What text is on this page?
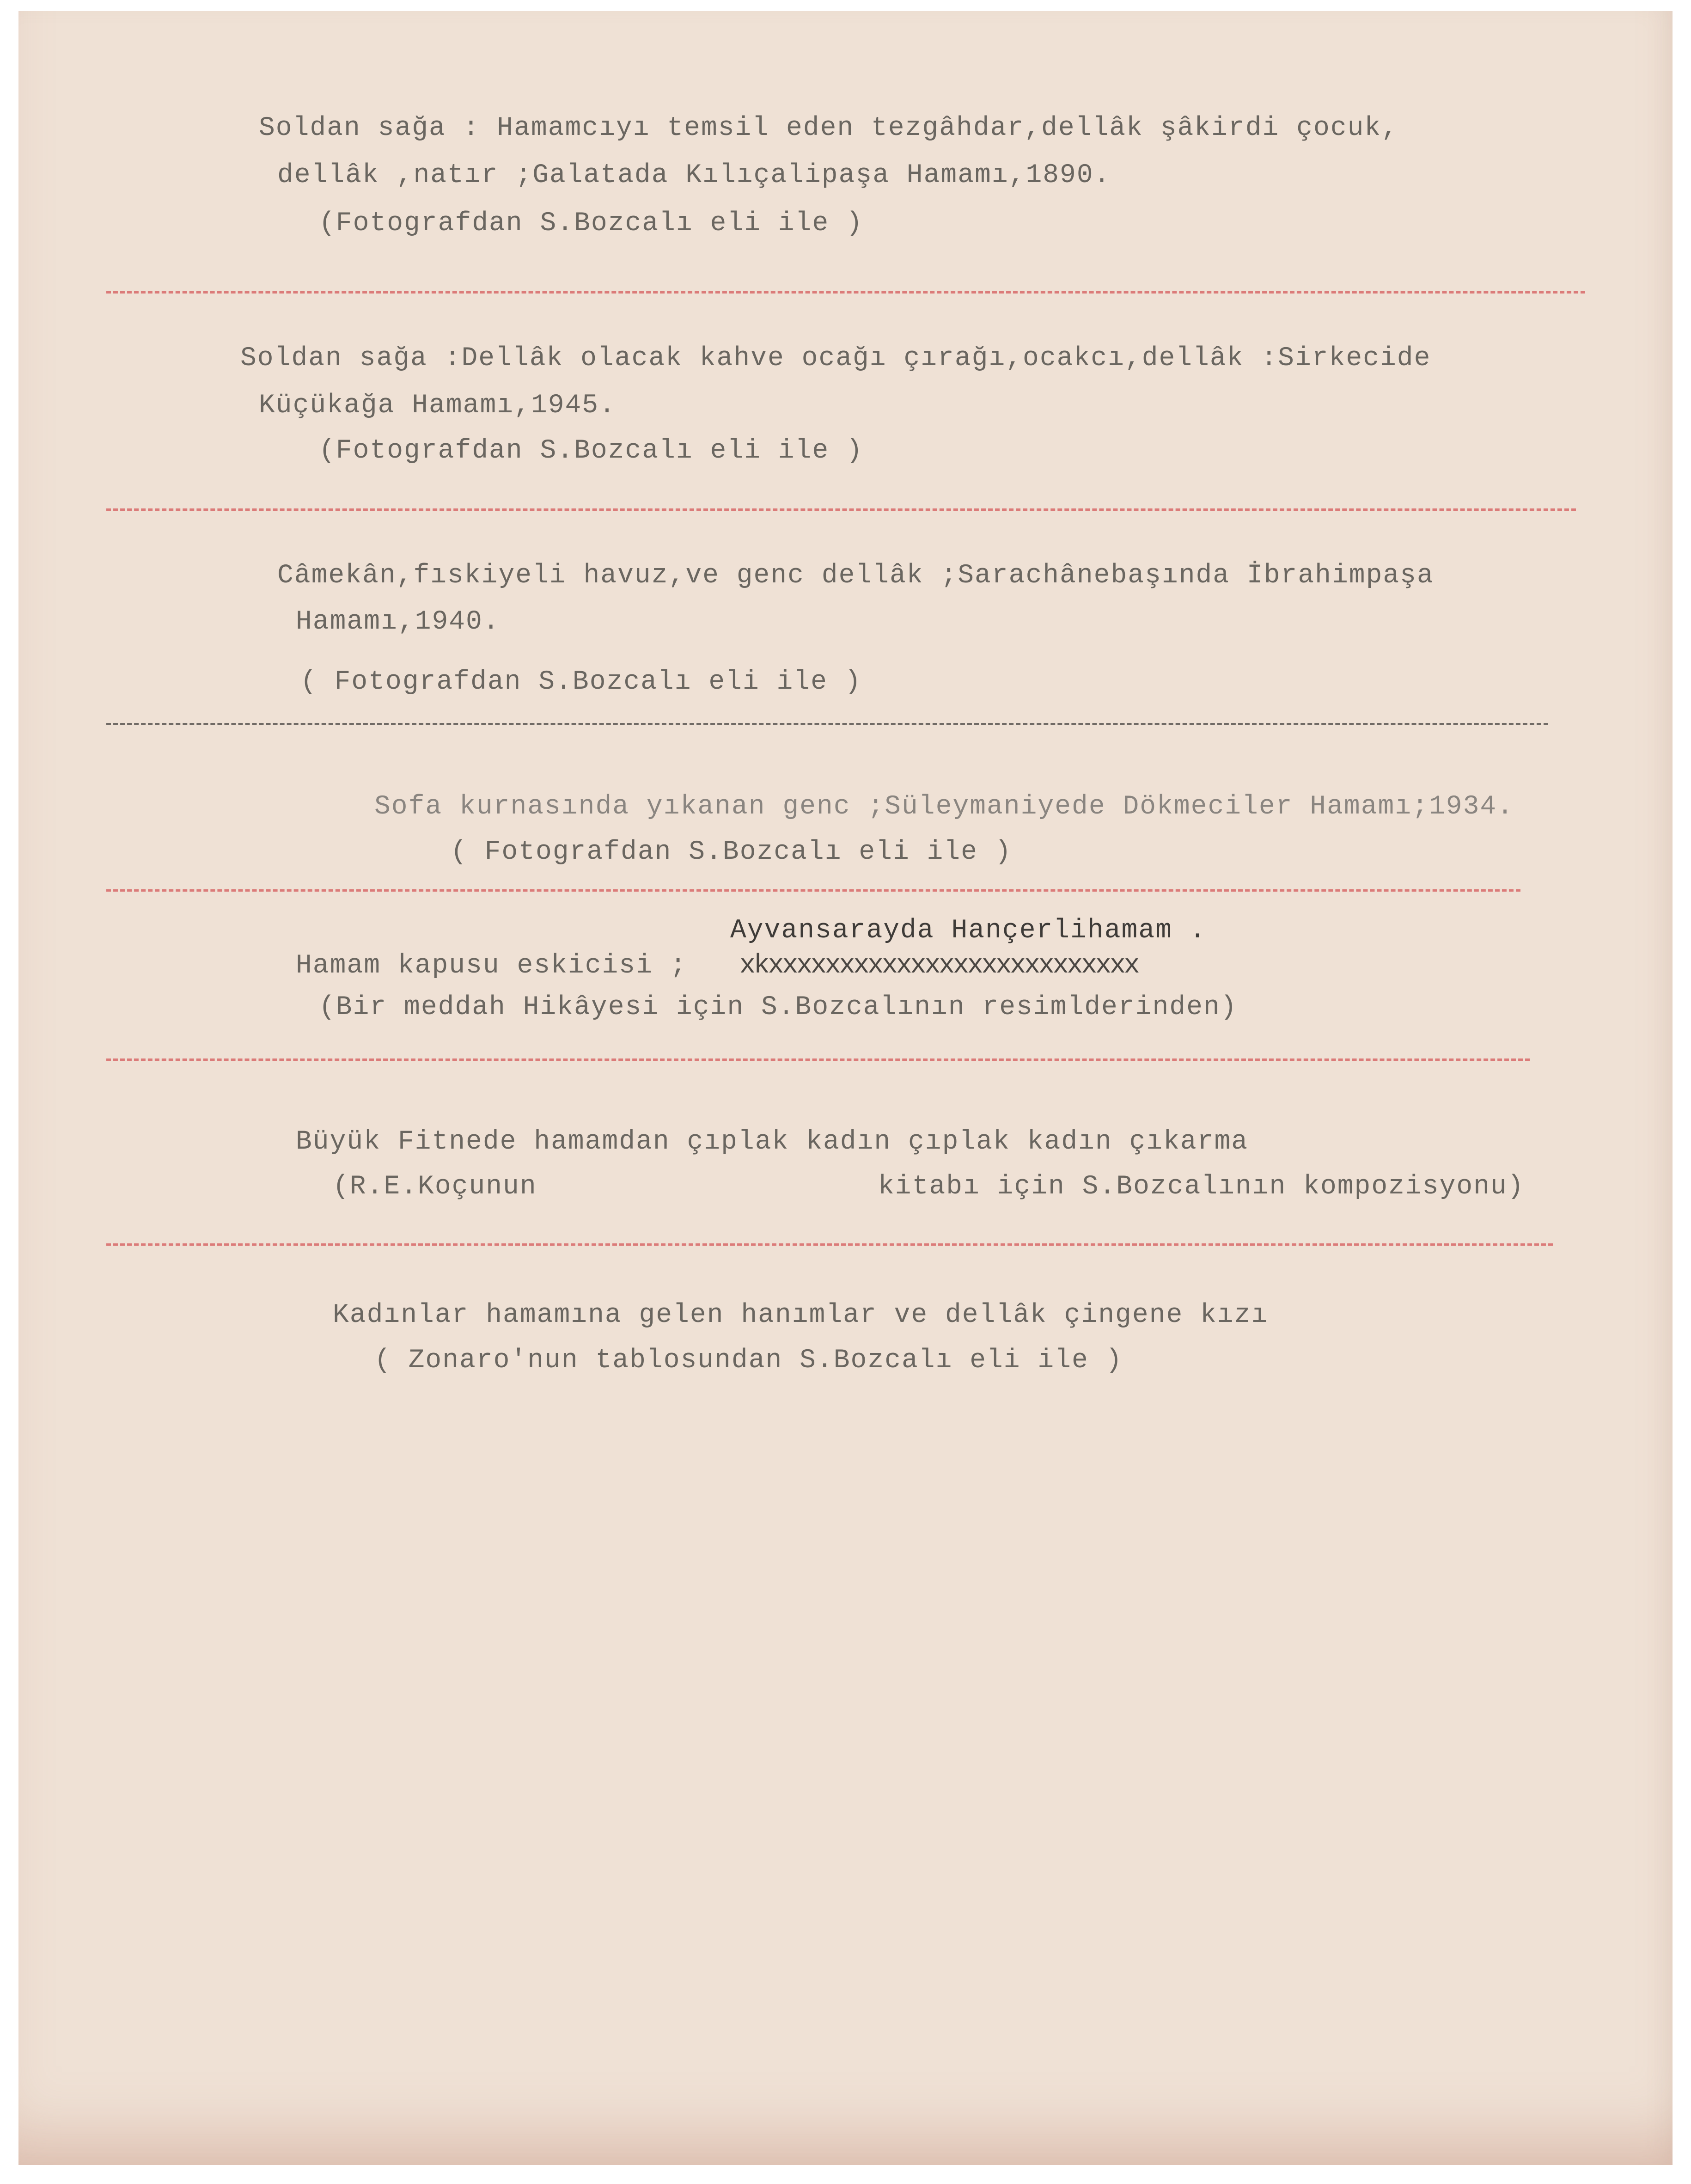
Soldan sağa : Hamamcıyı temsil eden tezgâhdar,dellâk şâkirdi çocuk,
dellâk ,natır ;Galatada Kılıçalipaşa Hamamı,1890.
(Fotografdan S.Bozcalı eli ile )
Soldan sağa :Dellâk olacak kahve ocağı çırağı,ocakcı,dellâk :Sirkecide
Küçükağa Hamamı,1945.
(Fotografdan S.Bozcalı eli ile )
Câmekân,fıskiyeli havuz,ve genc dellâk ;Sarachânebaşında İbrahimpaşa
Hamamı,1940.
( Fotografdan S.Bozcalı eli ile )
Sofa kurnasında yıkanan genc ;Süleymaniyede Dökmeciler Hamamı;1934.
( Fotografdan S.Bozcalı eli ile )
Ayvansarayda Hançerlihamam .
Hamam kapusu eskicisi ; xkxxxxxxxxxxxxxxxxxxxxxxxxxx
(Bir meddah Hikâyesi için S.Bozcalının resimlderinden)
Büyük Fitnede hamamdan çıplak kadın çıplak kadın çıkarma
(R.E.Koçunun	kitabı için S.Bozcalının kompozisyonu)
Kadınlar hamamına gelen hanımlar ve dellâk çingene kızı
( Zonaro'nun tablosundan S.Bozcalı eli ile )
